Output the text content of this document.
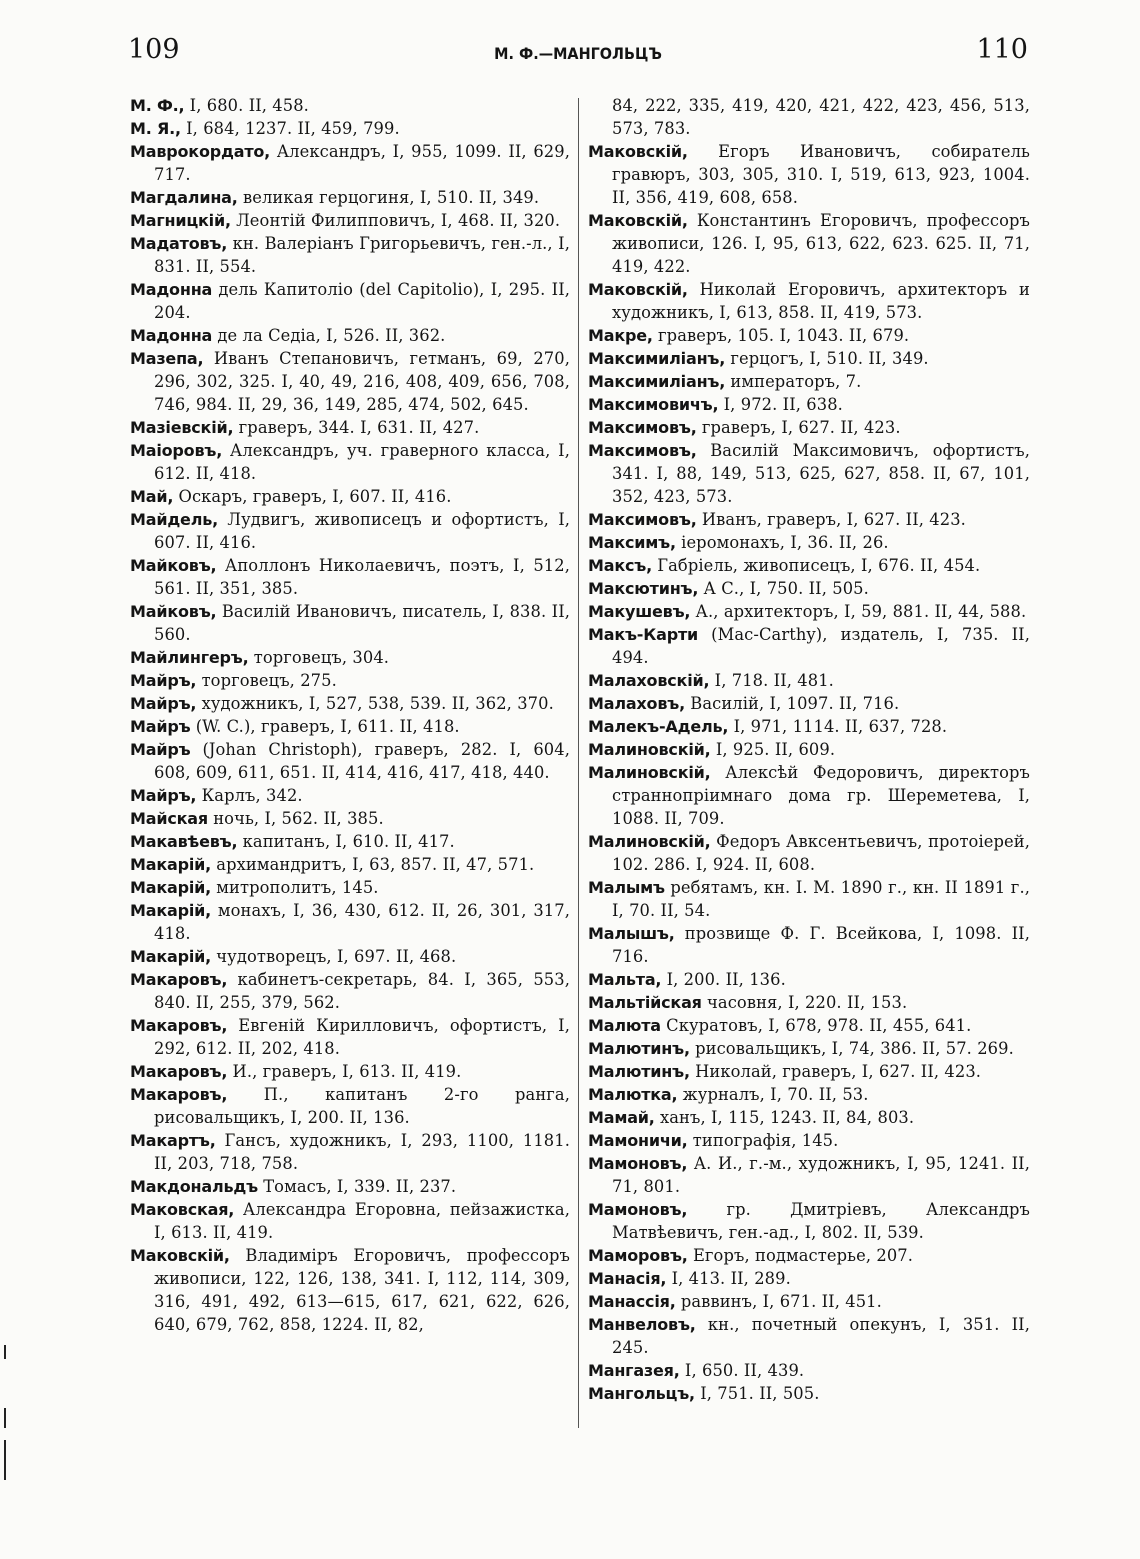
109	М. Ф.—МАНГОЛЬЦЪ	110
М. Ф., I, 680. II, 458.
М. Я., I, 684, 1237. II, 459, 799.
Маврокордато, Александръ, I, 955, 1099. II, 629, 717.
Магдалина, великая герцогиня, I, 510. II, 349.
Магницкій, Леонтій Филипповичъ, I, 468. II, 320.
Мадатовъ, кн. Валеріанъ Григорьевичъ, ген.-л., I, 831. II, 554.
Мадонна дель Капитолio (del Capitolio), I, 295. II, 204.
Мадонна де ла Седіа, I, 526. II, 362.
Мазепа, Иванъ Степановичъ, гетманъ, 69, 270, 296, 302, 325. I, 40, 49, 216, 408, 409, 656, 708, 746, 984. II, 29, 36, 149, 285, 474, 502, 645.
Мазіевскій, граверъ, 344. I, 631. II, 427.
Маіоровъ, Александръ, уч. граверного класса, I, 612. II, 418.
Май, Оскаръ, граверъ, I, 607. II, 416.
Майдель, Лудвигъ, живописецъ и офортистъ, I, 607. II, 416.
Майковъ, Аполлонъ Николаевичъ, поэтъ, I, 512, 561. II, 351, 385.
Майковъ, Василій Ивановичъ, писатель, I, 838. II, 560.
Майлингеръ, торговецъ, 304.
Майръ, торговецъ, 275.
Майръ, художникъ, I, 527, 538, 539. II, 362, 370.
Майръ (W. C.), граверъ, I, 611. II, 418.
Майръ (Johan Christoph), граверъ, 282. I, 604, 608, 609, 611, 651. II, 414, 416, 417, 418, 440.
Майръ, Карлъ, 342.
Майская ночь, I, 562. II, 385.
Макавѣевъ, капитанъ, I, 610. II, 417.
Макарій, архимандритъ, I, 63, 857. II, 47, 571.
Макарій, митрополитъ, 145.
Макарій, монахъ, I, 36, 430, 612. II, 26, 301, 317, 418.
Макарій, чудотворецъ, I, 697. II, 468.
Макаровъ, кабинетъ-секретарь, 84. I, 365, 553, 840. II, 255, 379, 562.
Макаровъ, Евгеній Кирилловичъ, офортистъ, I, 292, 612. II, 202, 418.
Макаровъ, И., граверъ, I, 613. II, 419.
Макаровъ, П., капитанъ 2-го ранга, рисовальщикъ, I, 200. II, 136.
Макартъ, Гансъ, художникъ, I, 293, 1100, 1181. II, 203, 718, 758.
Макдональдъ Томасъ, I, 339. II, 237.
Маковская, Александра Егоровна, пейзажистка, I, 613. II, 419.
Маковскій, Владиміръ Егоровичъ, профессоръ живописи, 122, 126, 138, 341. I, 112, 114, 309, 316, 491, 492, 613—615, 617, 621, 622, 626, 640, 679, 762, 858, 1224. II, 82,
84, 222, 335, 419, 420, 421, 422, 423, 456, 513, 573, 783.
Маковскій, Егоръ Ивановичъ, собиратель гравюръ, 303, 305, 310. I, 519, 613, 923, 1004. II, 356, 419, 608, 658.
Маковскій, Константинъ Егоровичъ, профессоръ живописи, 126. I, 95, 613, 622, 623. 625. II, 71, 419, 422.
Маковскій, Николай Егоровичъ, архитекторъ и художникъ, I, 613, 858. II, 419, 573.
Макре, граверъ, 105. I, 1043. II, 679.
Максимиліанъ, герцогъ, I, 510. II, 349.
Максимиліанъ, императоръ, 7.
Максимовичъ, I, 972. II, 638.
Максимовъ, граверъ, I, 627. II, 423.
Максимовъ, Василій Максимовичъ, офортистъ, 341. I, 88, 149, 513, 625, 627, 858. II, 67, 101, 352, 423, 573.
Максимовъ, Иванъ, граверъ, I, 627. II, 423.
Максимъ, іеромонахъ, I, 36. II, 26.
Максъ, Габріель, живописецъ, I, 676. II, 454.
Максютинъ, А С., I, 750. II, 505.
Макушевъ, А., архитекторъ, I, 59, 881. II, 44, 588.
Макъ-Карти (Mac-Carthy), издатель, I, 735. II, 494.
Малаховскій, I, 718. II, 481.
Малаховъ, Василій, I, 1097. II, 716.
Малекъ-Адель, I, 971, 1114. II, 637, 728.
Малиновскій, I, 925. II, 609.
Малиновскій, Алексѣй Федоровичъ, директоръ страннопріимнаго дома гр. Шереметева, I, 1088. II, 709.
Малиновскій, Федоръ Авксентьевичъ, протоіерей, 102. 286. I, 924. II, 608.
Малымъ ребятамъ, кн. I. М. 1890 г., кн. II 1891 г., I, 70. II, 54.
Малышъ, прозвище Ф. Г. Всейкова, I, 1098. II, 716.
Мальта, I, 200. II, 136.
Мальтійская часовня, I, 220. II, 153.
Малюта Скуратовъ, I, 678, 978. II, 455, 641.
Малютинъ, рисовальщикъ, I, 74, 386. II, 57. 269.
Малютинъ, Николай, граверъ, I, 627. II, 423.
Малютка, журналъ, I, 70. II, 53.
Мамай, ханъ, I, 115, 1243. II, 84, 803.
Мамоничи, типографія, 145.
Мамоновъ, А. И., г.-м., художникъ, I, 95, 1241. II, 71, 801.
Мамоновъ, гр. Дмитріевъ, Александръ Матвѣевичъ, ген.-ад., I, 802. II, 539.
Маморовъ, Егоръ, подмастерье, 207.
Манасія, I, 413. II, 289.
Манассія, раввинъ, I, 671. II, 451.
Манвеловъ, кн., почетный опекунъ, I, 351. II, 245.
Мангазея, I, 650. II, 439.
Мангольцъ, I, 751. II, 505.
